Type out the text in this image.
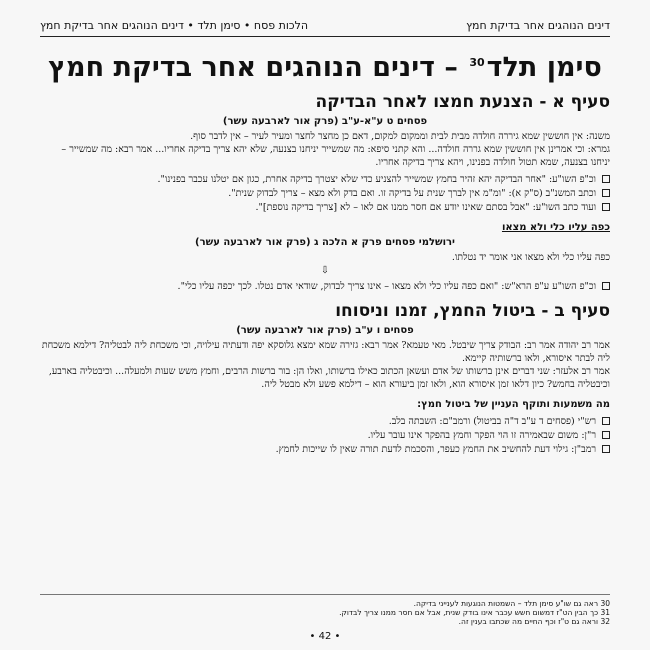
דינים הנוהגים אחר בדיקת חמץ
הלכות פסח • סימן תלד • דינים הנוהגים אחר בדיקת חמץ
סימן תלד$^{30}$ – דינים הנוהגים אחר בדיקת חמץ
סעיף א - הצנעת חמצו לאחר הבדיקה
פסחים ט ע"א-ע"ב (פרק אור לארבעה עשר)

משנה: אין חוששין שמא גיררה חולדה מבית לבית וממקום למקום, דאם כן מחצר לחצר ומעיר לעיר – אין לדבר סוף.

גמרא: וכי אמרינן אין חוששין שמא גררה חולדה... והא קתני סיפא: מה שמשייר יניחנו בצנעה, שלא יהא צריך בדיקה אחריו... אמר רבא: מה שמשייר – יניחנו בצנעה, שמא תטול חולדה בפנינו, ויהא צריך בדיקה אחריו.

וכ"פ השו"ע: "אחר הבדיקה יהא זהיר בחמץ שמשייר להצניע כדי שלא יצטרך בדיקה אחרת, כגון אם יטלנו עכבר בפנינו".
וכתב המשנ"ב (ס"ק א): "ומ"מ אין לברך שנית על בדיקה זו. ואם בדק ולא מצא – צריך לבדוק שנית".
ועוד כתב השו"ע: "אבל בסתם שאינו יודע אם חסר ממנו אם לאו – לא [צריך בדיקה נוספת]".
כפה עליו כלי ולא מצאו
ירושלמי פסחים פרק א הלכה ג (פרק אור לארבעה עשר)

כפה עליו כלי ולא מצאו אני אומר יד נטלתו.

⇩
וכ"פ השו"ע ע"פ הרא"ש: "ואם כפה עליו כלי ולא מצאו – אינו צריך לבדוק, שודאי אדם נטלו. לכך יכפה עליו כלי".
סעיף ב - ביטול החמץ, זמנו וניסוחו
פסחים ו ע"ב (פרק אור לארבעה עשר)

אמר רב יהודה אמר רב: הבודק צריך שיבטל. מאי טעמא? אמר רבא: גזירה שמא ימצא גלוסקא יפה ודעתיה עילויה, וכי משכחת ליה לבטליה? דילמא משכחת ליה לבתר איסורא, ולאו ברשותיה קיימא.

אמר רב אלעזר: שני דברים אינן ברשותו של אדם ועשאן הכתוב כאילו ברשותו, ואלו הן: בור ברשות הרבים, וחמץ משש שעות ולמעלה... וכיבטליה בארבע, וכיבטליה בחמש? כיון דלאו זמן איסורא הוא, ולאו זמן ביעורא הוא – דילמא פשע ולא מבטל ליה.

מה משמעות ותוקף העניין של ביטול חמץ:
רש"י (פסחים ד ע"ב ד"ה בביטול) ורמב"ם: השבתה בלב.
ר"ן: משום שבאמירה זו הוי הפקר וחמץ בהפקר אינו עובר עליו.
רמב"ן: גילוי דעת להחשיב את החמץ כעפר, והסכמת לדעת תורה שאין לו שייכות לחמץ.
30 ראה גם שו"ע סימן תלד – השמטות הנוגעות לענייני בדיקה.
31 כך הבין הט"ז דמשום חשש עכבר אינו בודק שנית, אבל אם חסר ממנו צריך לבדוק.
32 וראה גם ט"ז וכף החיים מה שכתבו בענין זה.
• 42 •
